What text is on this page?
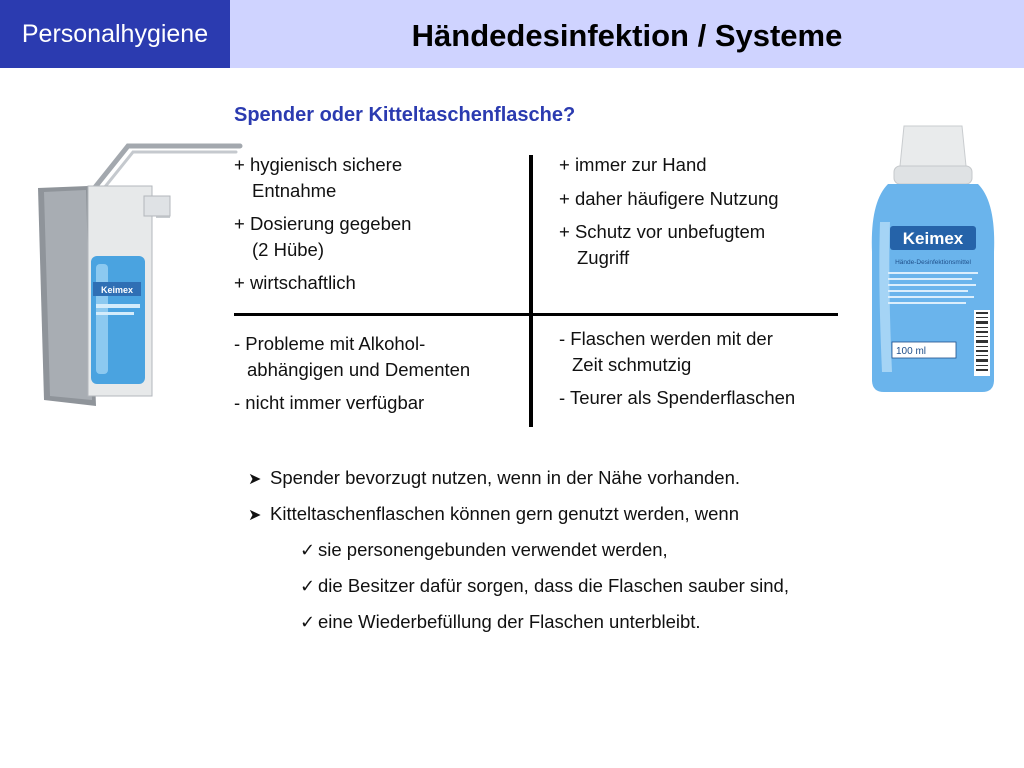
Personalhygiene	Händedesinfektion / Systeme
Spender oder Kitteltaschenflasche?
Keimex
Keimex
Hände-Desinfektionsmittel
100 ml
+ hygienisch sichere
Entnahme
+ Dosierung gegeben
(2 Hübe)
+ wirtschaftlich
+ immer zur Hand
+ daher häufigere Nutzung
+ Schutz vor unbefugtem
Zugriff
- Probleme mit Alkohol-
abhängigen und Dementen
- nicht immer verfügbar
- Flaschen werden mit der
Zeit schmutzig
- Teurer als Spenderflaschen
➤ Spender bevorzugt nutzen, wenn in der Nähe vorhanden.
➤ Kitteltaschenflaschen können gern genutzt werden, wenn
✓ sie personengebunden verwendet werden,
✓ die Besitzer dafür sorgen, dass die Flaschen sauber sind,
✓ eine Wiederbefüllung der Flaschen unterbleibt.
